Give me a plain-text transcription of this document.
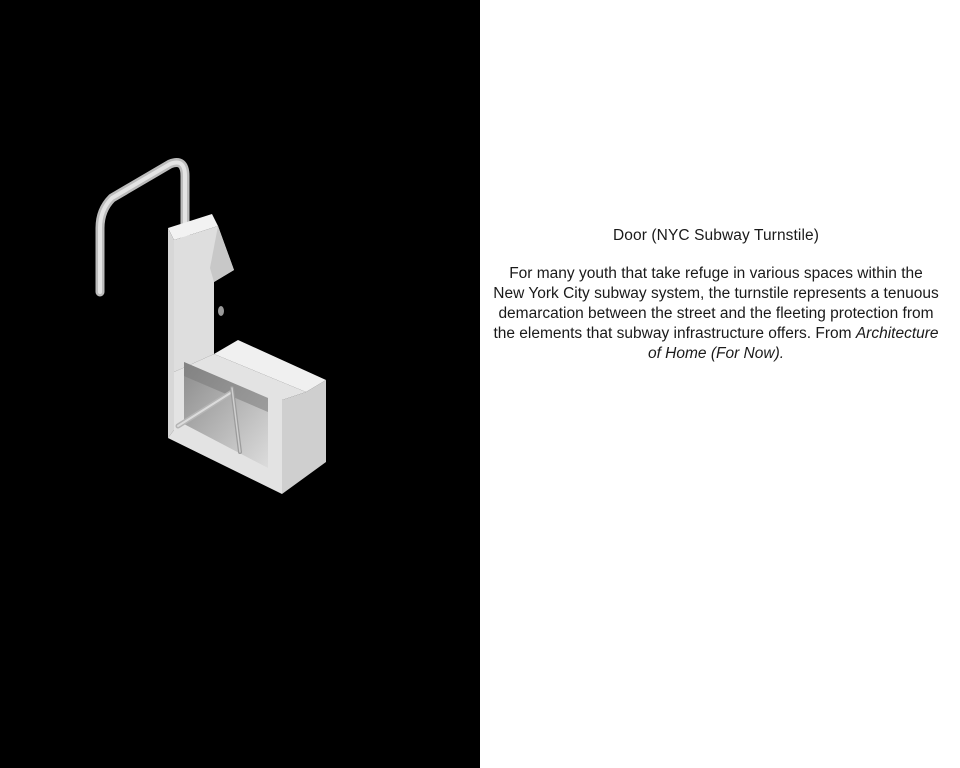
Door (NYC Subway Turnstile)

For many youth that take refuge in various spaces within the New York City subway system, the turnstile represents a tenuous demarcation between the street and the fleeting protection from the elements that subway infrastructure offers. From Architecture of Home (For Now).
